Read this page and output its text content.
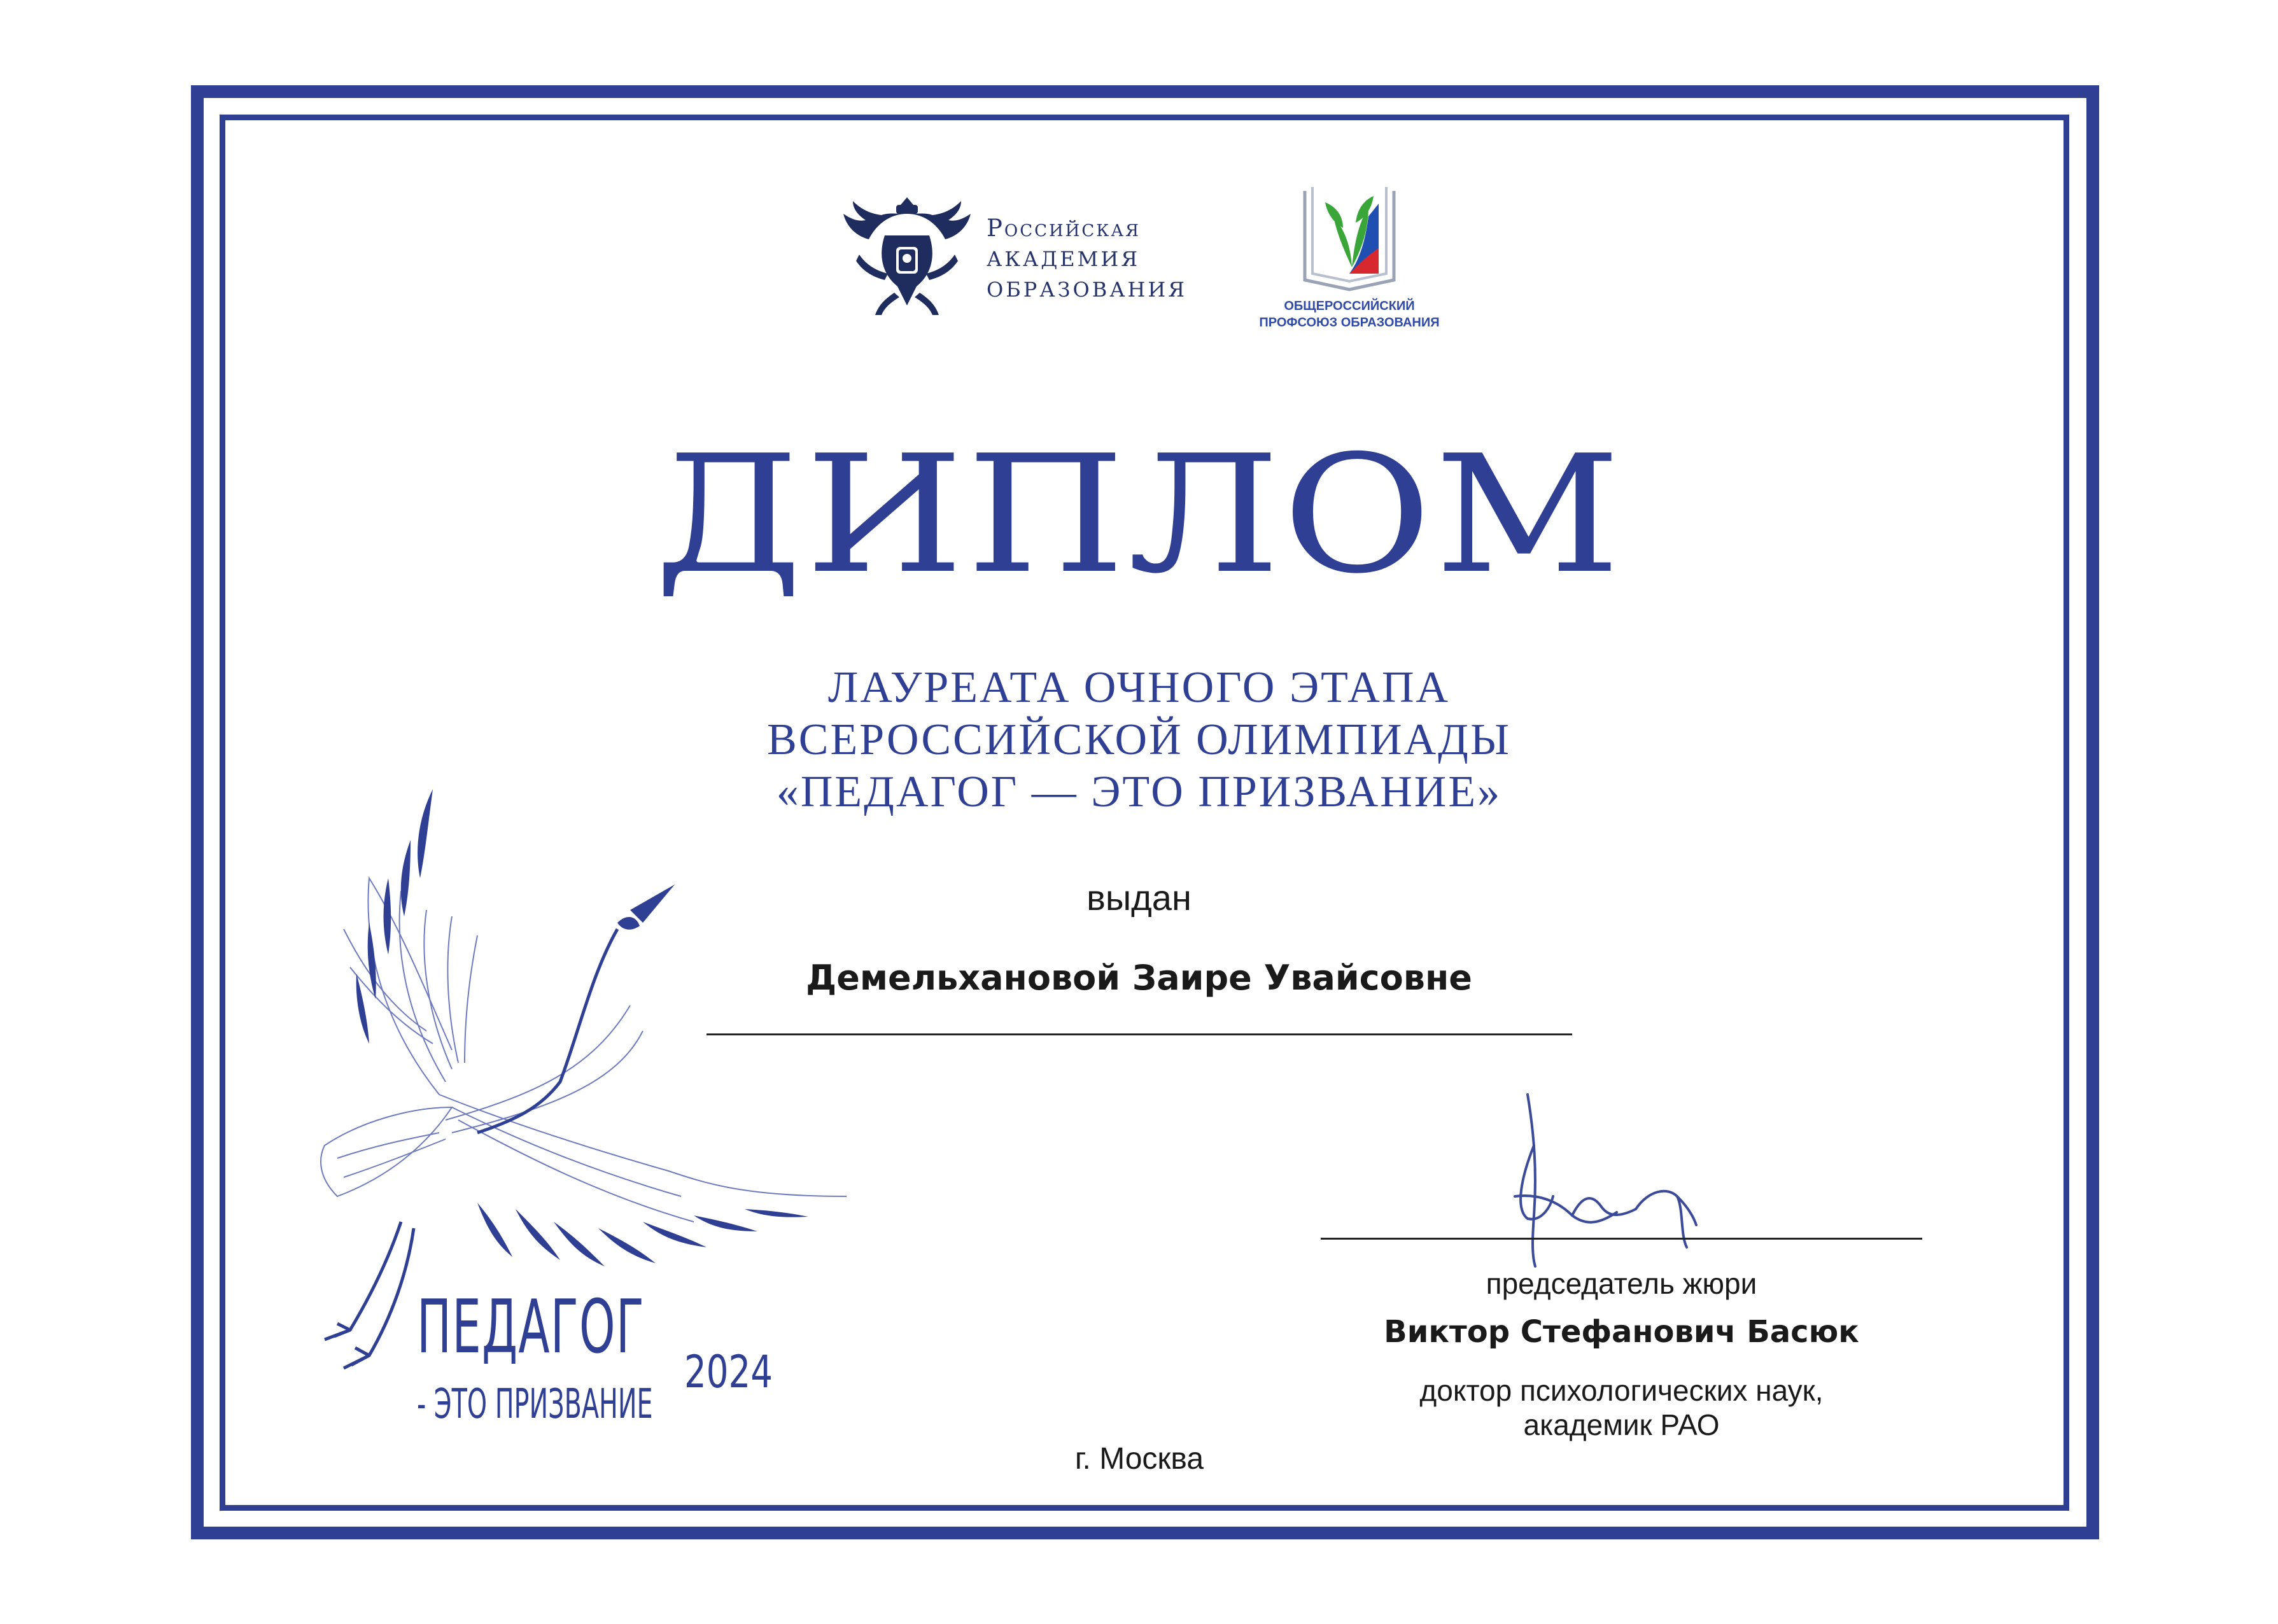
Российская
АКАДЕМИЯ
ОБРАЗОВАНИЯ
ОБЩЕРОССИЙСКИЙ
ПРОФСОЮЗ ОБРАЗОВАНИЯ
ДИПЛОМ
ЛАУРЕАТА ОЧНОГО ЭТАПА
ВСЕРОССИЙСКОЙ ОЛИМПИАДЫ
«ПЕДАГОГ — ЭТО ПРИЗВАНИЕ»
выдан
Демельхановой Заире Увайсовне
ПЕДАГОГ
- ЭТО ПРИЗВАНИЕ
2024
председатель жюри
Виктор Стефанович Басюк
доктор психологических наук,
академик РАО
г. Москва
